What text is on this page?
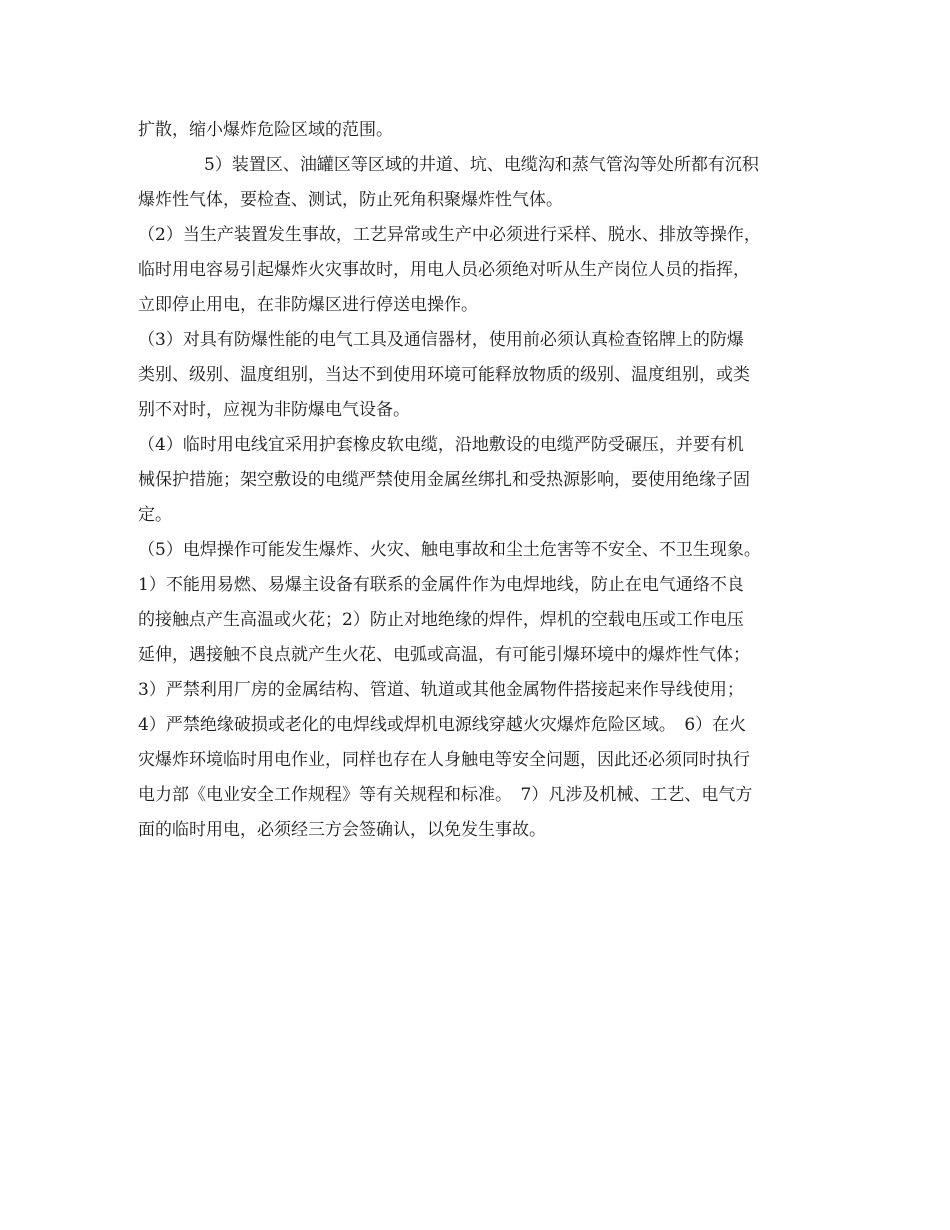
扩散，缩小爆炸危险区域的范围。
5）装置区、油罐区等区域的井道、坑、电缆沟和蒸气管沟等处所都有沉积
爆炸性气体，要检查、测试，防止死角积聚爆炸性气体。
（2）当生产装置发生事故，工艺异常或生产中必须进行采样、脱水、排放等操作，
临时用电容易引起爆炸火灾事故时，用电人员必须绝对听从生产岗位人员的指挥，
立即停止用电，在非防爆区进行停送电操作。
（3）对具有防爆性能的电气工具及通信器材，使用前必须认真检查铭牌上的防爆
类别、级别、温度组别，当达不到使用环境可能释放物质的级别、温度组别，或类
别不对时，应视为非防爆电气设备。
（4）临时用电线宜采用护套橡皮软电缆，沿地敷设的电缆严防受碾压，并要有机
械保护措施；架空敷设的电缆严禁使用金属丝绑扎和受热源影响，要使用绝缘子固
定。
（5）电焊操作可能发生爆炸、火灾、触电事故和尘土危害等不安全、不卫生现象。
1）不能用易燃、易爆主设备有联系的金属件作为电焊地线，防止在电气通络不良
的接触点产生高温或火花；2）防止对地绝缘的焊件，焊机的空载电压或工作电压
延伸，遇接触不良点就产生火花、电弧或高温，有可能引爆环境中的爆炸性气体；
3）严禁利用厂房的金属结构、管道、轨道或其他金属物件搭接起来作导线使用；
4）严禁绝缘破损或老化的电焊线或焊机电源线穿越火灾爆炸危险区域。　6）在火
灾爆炸环境临时用电作业，同样也存在人身触电等安全问题，因此还必须同时执行
电力部《电业安全工作规程》等有关规程和标准。　7）凡涉及机械、工艺、电气方
面的临时用电，必须经三方会签确认，以免发生事故。
